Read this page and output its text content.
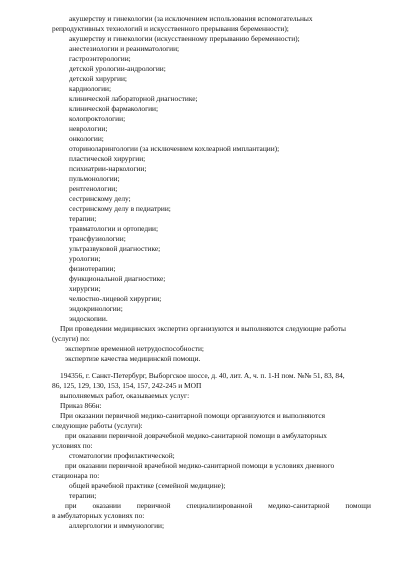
акушерству и гинекологии (за исключением использования вспомогательных
репродуктивных технологий и искусственного прерывания беременности);
акушерству и гинекологии (искусственному прерыванию беременности);
анестезиологии и реаниматологии;
гастроэнтерологии;
детской урологии-андрологии;
детской хирургии;
кардиологии;
клинической лабораторной диагностике;
клинической фармакологии;
колопроктологии;
неврологии;
онкологии;
оториноларингологии (за исключением кохлеарной имплантации);
пластической хирургии;
психиатрии-наркологии;
пульмонологии;
рентгенологии;
сестринскому делу;
сестринскому делу в педиатрии;
терапии;
травматологии и ортопедии;
трансфузиологии;
ультразвуковой диагностике;
урологии;
физиотерапии;
функциональной диагностике;
хирургии;
челюстно-лицевой хирургии;
эндокринологии;
эндоскопии.
При проведении медицинских экспертиз организуются и выполняются следующие работы
(услуги) по:
экспертизе временной нетрудоспособности;
экспертизе качества медицинской помощи.
194356, г. Санкт-Петербург, Выборгское шоссе, д. 40, лит. А, ч. п. 1-Н пом. №№ 51, 83, 84,
86, 125, 129, 130, 153, 154, 157, 242-245 и МОП
выполняемых работ, оказываемых услуг:
Приказ 866н:
При оказании первичной медико-санитарной помощи организуются и выполняются
следующие работы (услуги):
при оказании первичной доврачебной медико-санитарной помощи в амбулаторных
условиях по:
стоматологии профилактической;
при оказании первичной врачебной медико-санитарной помощи в условиях дневного
стационара по:
общей врачебной практике (семейной медицине);
терапии;
при оказании первичной специализированной медико-санитарной помощи
в амбулаторных условиях по:
аллергологии и иммунологии;
